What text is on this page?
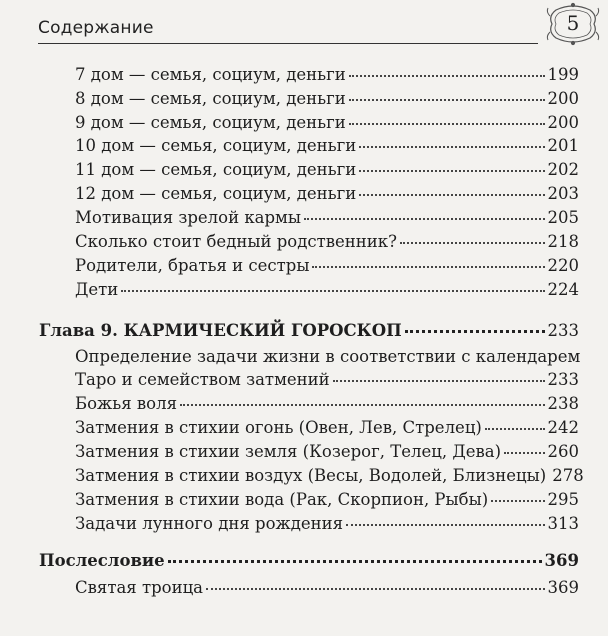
Содержание	5
7 дом — семья, социум, деньги	199
8 дом — семья, социум, деньги	200
9 дом — семья, социум, деньги	200
10 дом — семья, социум, деньги	201
11 дом — семья, социум, деньги	202
12 дом — семья, социум, деньги	203
Мотивация зрелой кармы	205
Сколько стоит бедный родственник?	218
Родители, братья и сестры	220
Дети	224
Глава 9. КАРМИЧЕСКИЙ ГОРОСКОП	233
Определение задачи жизни в соответствии с календарем
Таро и семейством затмений	233
Божья воля	238
Затмения в стихии огонь (Овен, Лев, Стрелец)	242
Затмения в стихии земля (Козерог, Телец, Дева)	260
Затмения в стихии воздух (Весы, Водолей, Близнецы) 278
Затмения в стихии вода (Рак, Скорпион, Рыбы)	295
Задачи лунного дня рождения	313
Послесловие	369
Святая троица	369
